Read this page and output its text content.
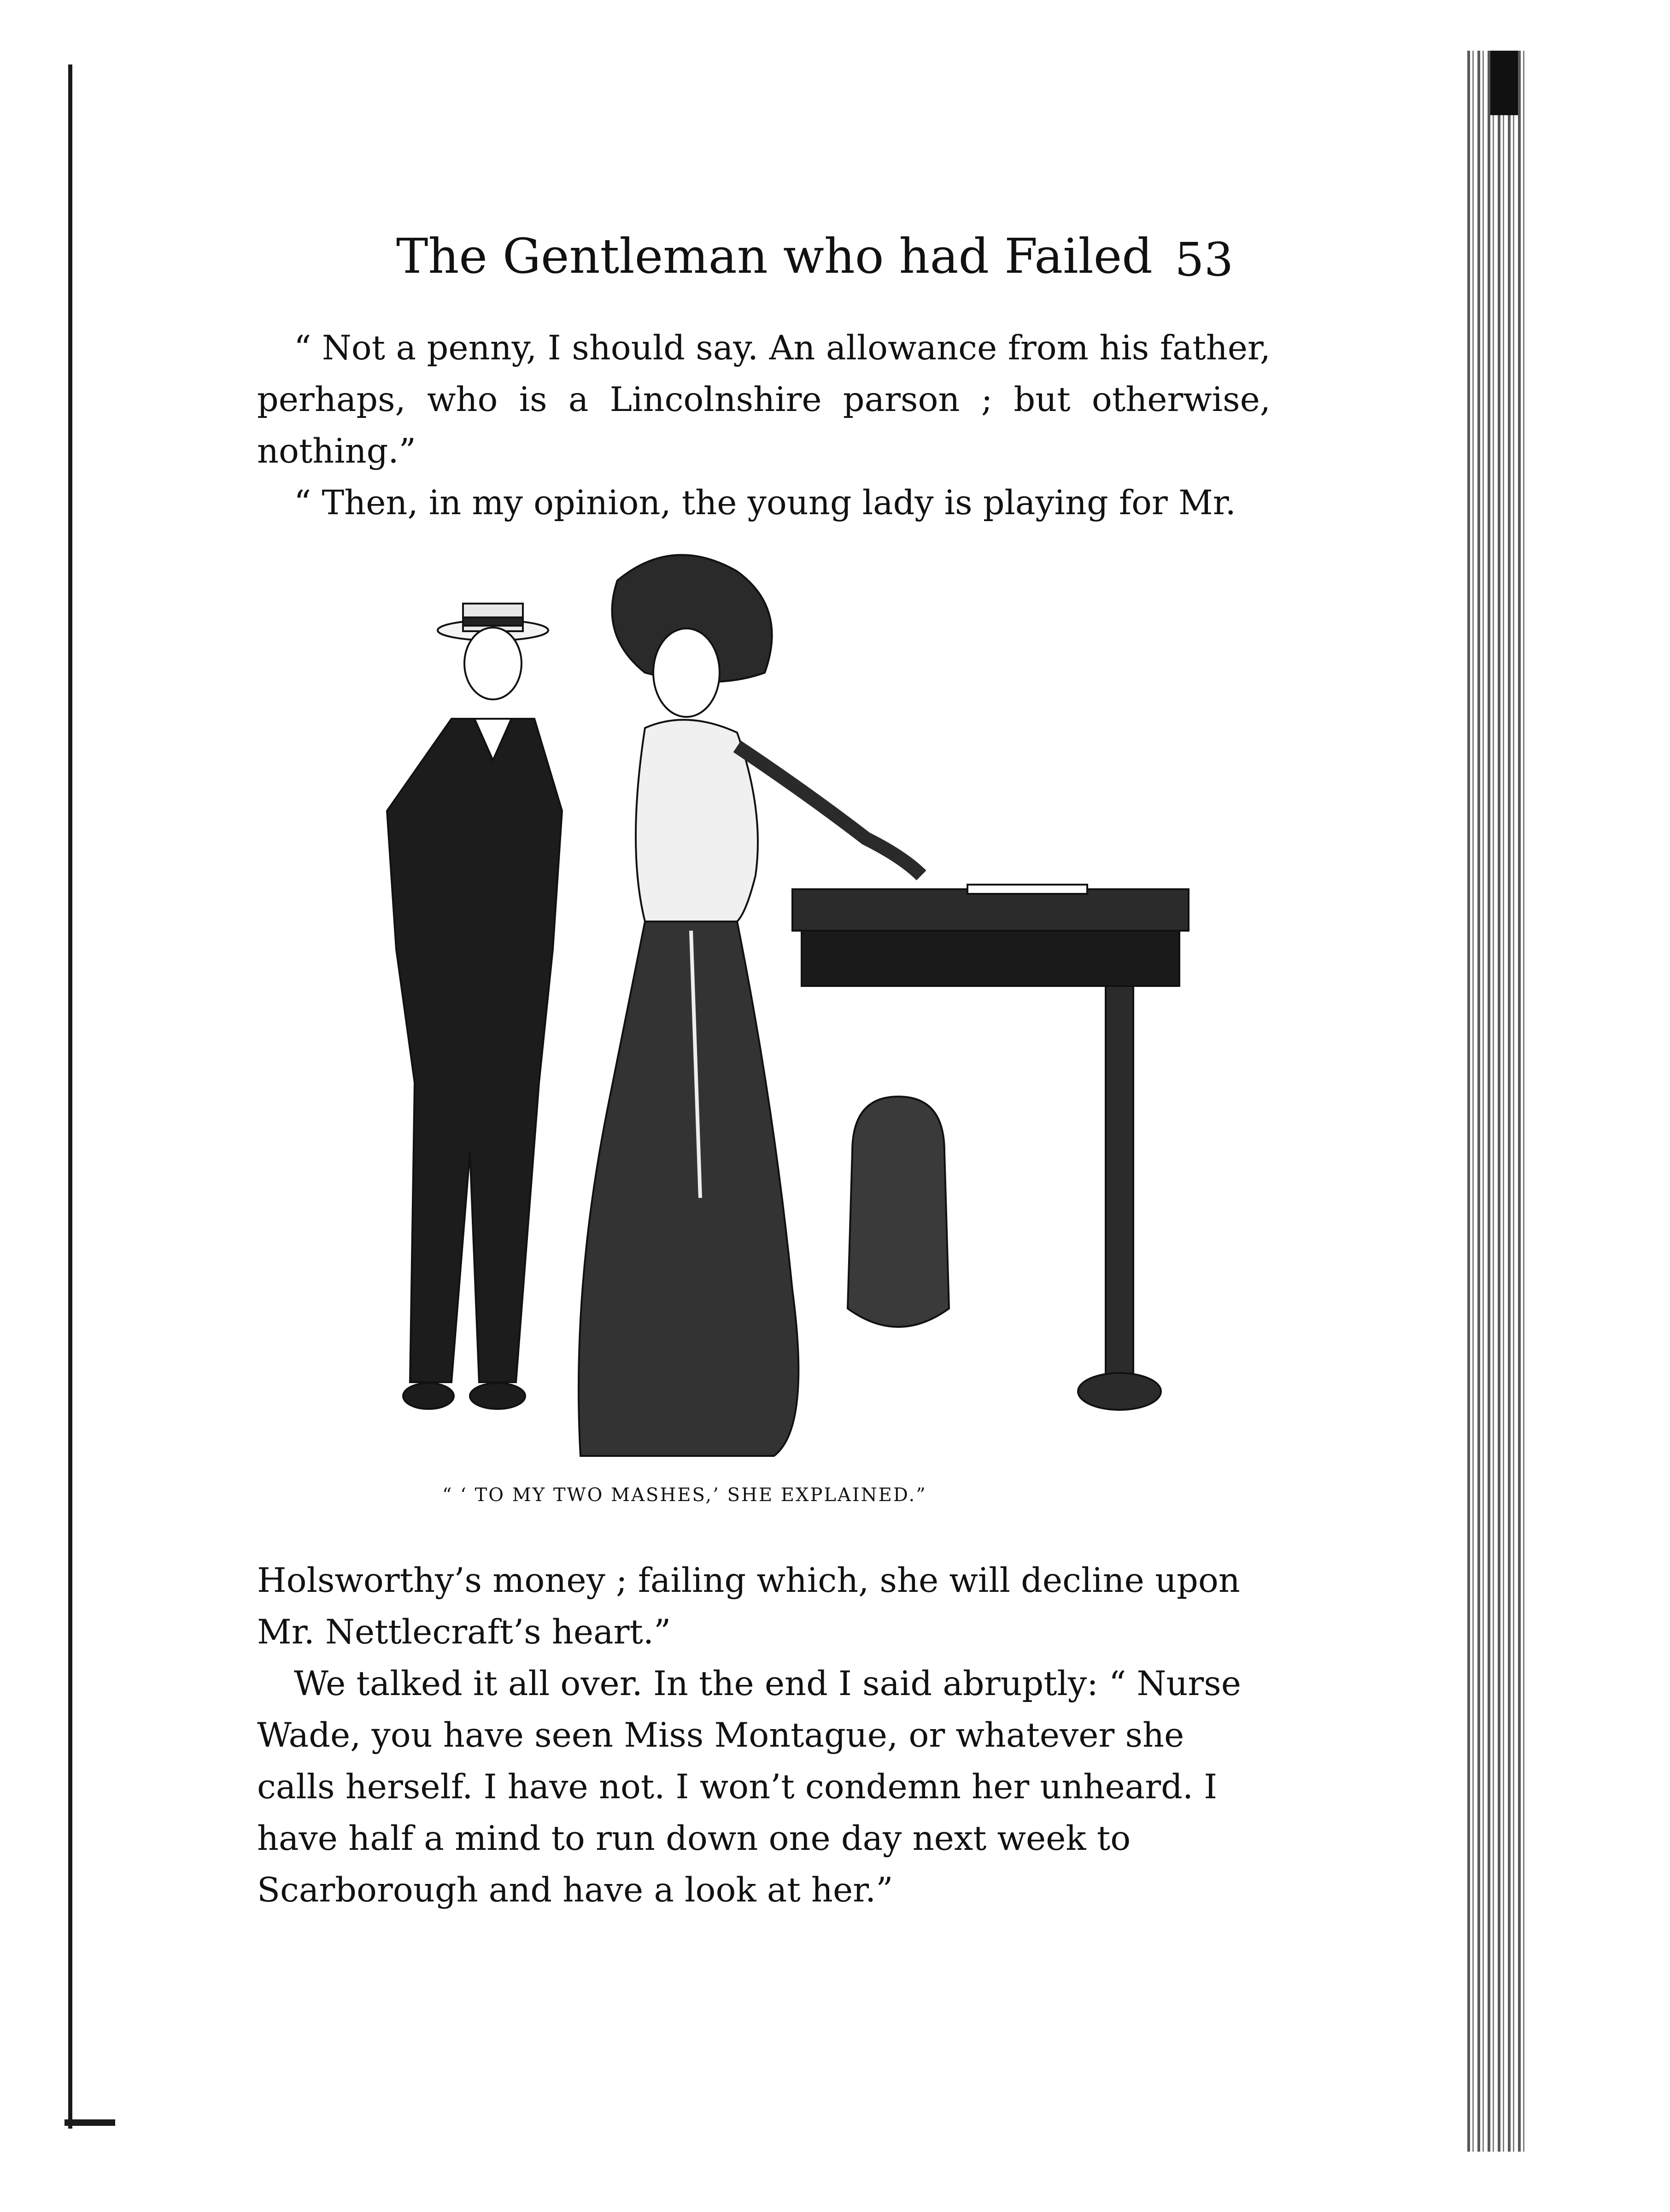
The Gentleman who had Failed 53

“ Not a penny, I should say. An allowance from his father, perhaps, who is a Lincolnshire parson ; but otherwise, nothing.”

“ Then, in my opinion, the young lady is playing for Mr.

“ ‘ TO MY TWO MASHES,’ SHE EXPLAINED.”

Holsworthy’s money ; failing which, she will decline upon Mr. Nettlecraft’s heart.”

We talked it all over. In the end I said abruptly: “ Nurse Wade, you have seen Miss Montague, or whatever she calls herself. I have not. I won’t condemn her unheard. I have half a mind to run down one day next week to Scarborough and have a look at her.”
